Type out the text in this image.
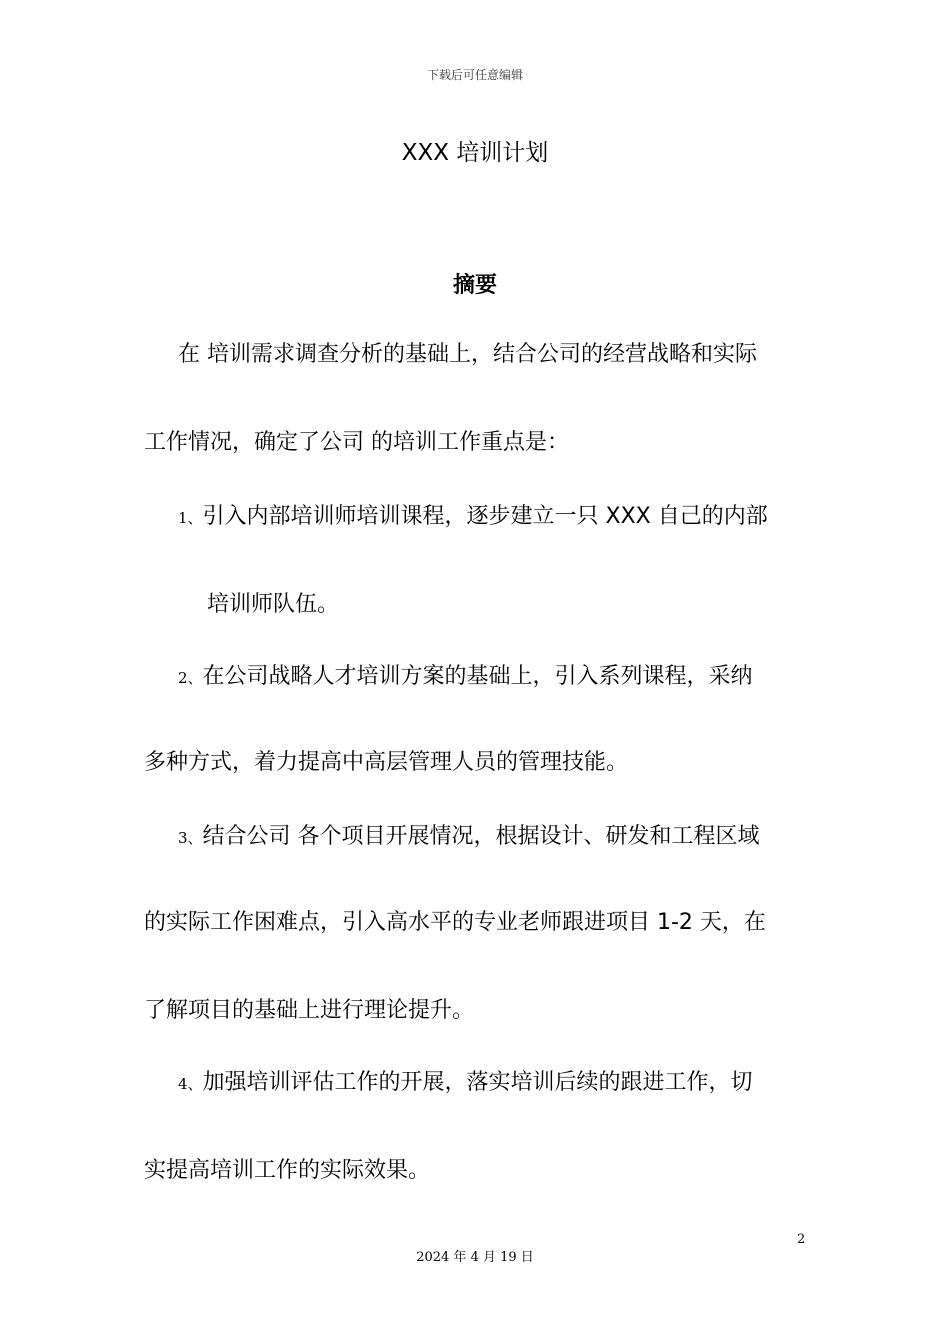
下载后可任意编辑
XXX 培训计划
摘要
在 培训需求调查分析的基础上，结合公司的经营战略和实际
工作情况，确定了公司 的培训工作重点是：
1、引入内部培训师培训课程，逐步建立一只 XXX 自己的内部
培训师队伍。
2、在公司战略人才培训方案的基础上，引入系列课程，采纳
多种方式，着力提高中高层管理人员的管理技能。
3、结合公司 各个项目开展情况，根据设计、研发和工程区域
的实际工作困难点，引入高水平的专业老师跟进项目 1-2 天，在
了解项目的基础上进行理论提升。
4、加强培训评估工作的开展，落实培训后续的跟进工作，切
实提高培训工作的实际效果。
2
2024 年 4 月 19 日
